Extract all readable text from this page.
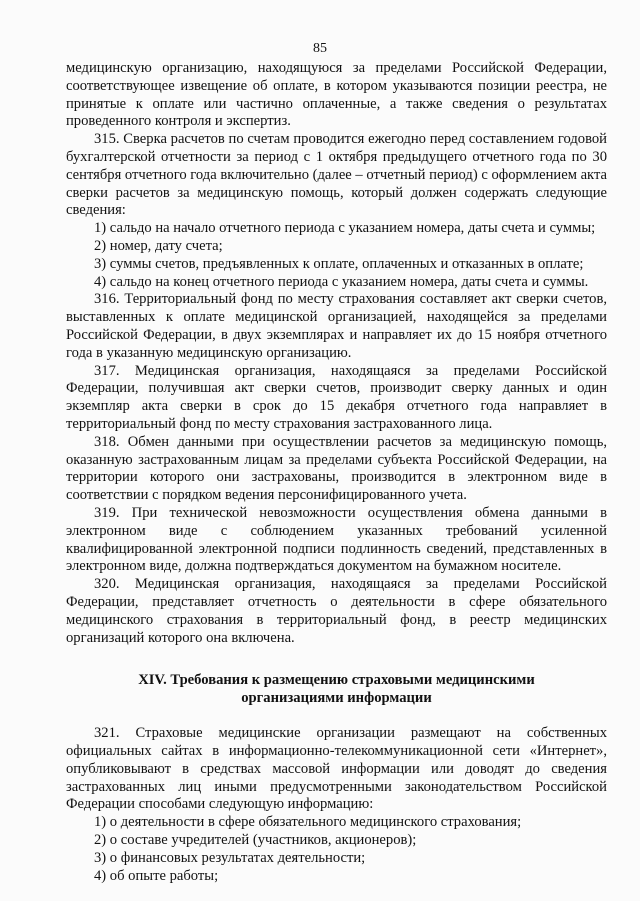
85

медицинскую организацию, находящуюся за пределами Российской Федерации, соответствующее извещение об оплате, в котором указываются позиции реестра, не принятые к оплате или частично оплаченные, а также сведения о результатах проведенного контроля и экспертиз.

315. Сверка расчетов по счетам проводится ежегодно перед составлением годовой бухгалтерской отчетности за период с 1 октября предыдущего отчетного года по 30 сентября отчетного года включительно (далее – отчетный период) с оформлением акта сверки расчетов за медицинскую помощь, который должен содержать следующие сведения:

1) сальдо на начало отчетного периода с указанием номера, даты счета и суммы;

2) номер, дату счета;

3) суммы счетов, предъявленных к оплате, оплаченных и отказанных в оплате;

4) сальдо на конец отчетного периода с указанием номера, даты счета и суммы.

316. Территориальный фонд по месту страхования составляет акт сверки счетов, выставленных к оплате медицинской организацией, находящейся за пределами Российской Федерации, в двух экземплярах и направляет их до 15 ноября отчетного года в указанную медицинскую организацию.

317. Медицинская организация, находящаяся за пределами Российской Федерации, получившая акт сверки счетов, производит сверку данных и один экземпляр акта сверки в срок до 15 декабря отчетного года направляет в территориальный фонд по месту страхования застрахованного лица.

318. Обмен данными при осуществлении расчетов за медицинскую помощь, оказанную застрахованным лицам за пределами субъекта Российской Федерации, на территории которого они застрахованы, производится в электронном виде в соответствии с порядком ведения персонифицированного учета.

319. При технической невозможности осуществления обмена данными в электронном виде с соблюдением указанных требований усиленной квалифицированной электронной подписи подлинность сведений, представленных в электронном виде, должна подтверждаться документом на бумажном носителе.

320. Медицинская организация, находящаяся за пределами Российской Федерации, представляет отчетность о деятельности в сфере обязательного медицинского страхования в территориальный фонд, в реестр медицинских организаций которого она включена.

XIV. Требования к размещению страховыми медицинскими
организациями информации

321. Страховые медицинские организации размещают на собственных официальных сайтах в информационно-телекоммуникационной сети «Интернет», опубликовывают в средствах массовой информации или доводят до сведения застрахованных лиц иными предусмотренными законодательством Российской Федерации способами следующую информацию:

1) о деятельности в сфере обязательного медицинского страхования;

2) о составе учредителей (участников, акционеров);

3) о финансовых результатах деятельности;

4) об опыте работы;
